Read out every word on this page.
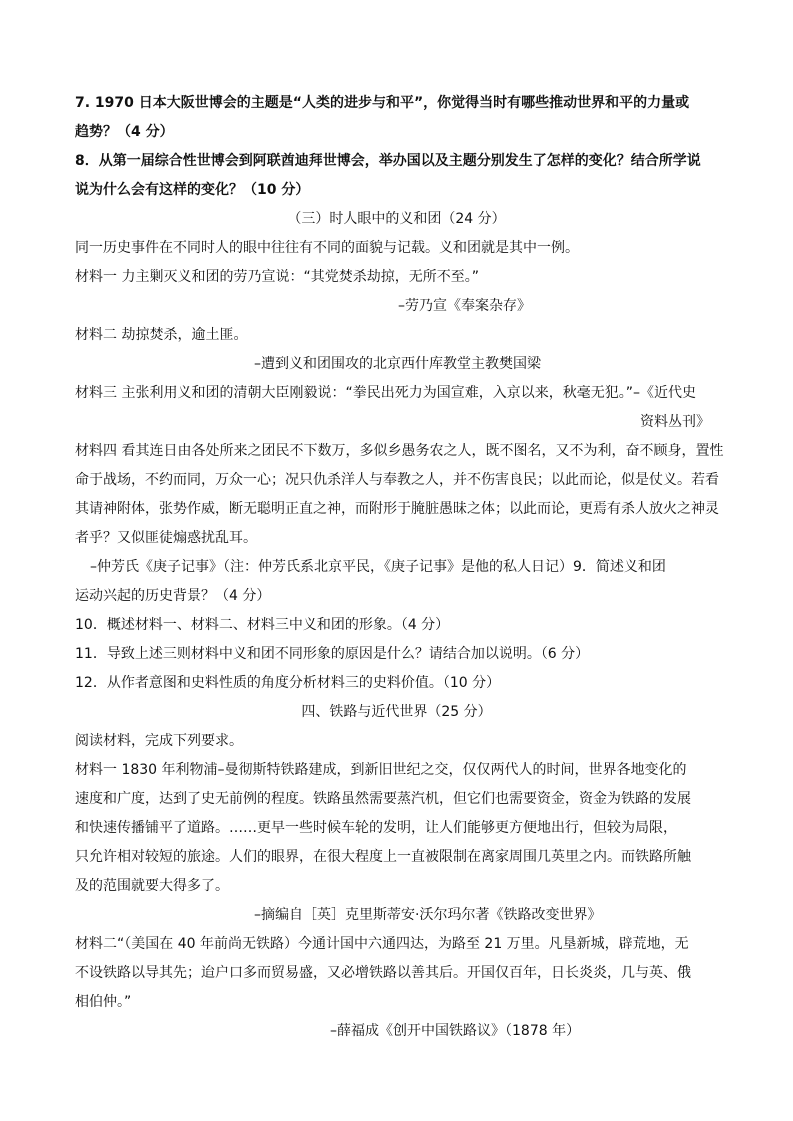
7. 1970 日本大阪世博会的主题是“人类的进步与和平”，你觉得当时有哪些推动世界和平的力量或
趋势？（4 分）
8．从第一届综合性世博会到阿联酋迪拜世博会，举办国以及主题分别发生了怎样的变化？结合所学说
说为什么会有这样的变化？（10 分）
（三）时人眼中的义和团（24 分）
同一历史事件在不同时人的眼中往往有不同的面貌与记载。义和团就是其中一例。
材料一 力主剿灭义和团的劳乃宣说：“其党焚杀劫掠，无所不至。”
–劳乃宣《奉案杂存》
材料二 劫掠焚杀，逾土匪。
–遭到义和团围攻的北京西什库教堂主教樊国梁
材料三 主张利用义和团的清朝大臣刚毅说：“拳民出死力为国宣难，入京以来，秋毫无犯。”–《近代史
资料丛刊》
材料四 看其连日由各处所来之团民不下数万，多似乡愚务农之人，既不图名，又不为利，奋不顾身，置性
命于战场，不约而同，万众一心；况只仇杀洋人与奉教之人，并不伤害良民；以此而论，似是仗义。若看
其请神附体，张势作威，断无聪明正直之神，而附形于腌脏愚昧之体；以此而论，更焉有杀人放火之神灵
者乎？又似匪徒煽惑扰乱耳。
–仲芳氏《庚子记事》（注：仲芳氏系北京平民，《庚子记事》是他的私人日记）9．简述义和团
运动兴起的历史背景？（4 分）
10．概述材料一、材料二、材料三中义和团的形象。（4 分）
11．导致上述三则材料中义和团不同形象的原因是什么？请结合加以说明。（6 分）
12．从作者意图和史料性质的角度分析材料三的史料价值。（10 分）
四、铁路与近代世界（25 分）
阅读材料，完成下列要求。
材料一 1830 年利物浦–曼彻斯特铁路建成，到新旧世纪之交，仅仅两代人的时间，世界各地变化的
速度和广度，达到了史无前例的程度。铁路虽然需要蒸汽机，但它们也需要资金，资金为铁路的发展
和快速传播铺平了道路。……更早一些时候车轮的发明，让人们能够更方便地出行，但较为局限，
只允许相对较短的旅途。人们的眼界，在很大程度上一直被限制在离家周围几英里之内。而铁路所触
及的范围就要大得多了。
–摘编自［英］克里斯蒂安·沃尔玛尔著《铁路改变世界》
材料二“（美国在 40 年前尚无铁路）今通计国中六通四达，为路至 21 万里。凡垦新城，辟荒地，无
不设铁路以导其先；迨户口多而贸易盛，又必增铁路以善其后。开国仅百年，日长炎炎，几与英、俄
相伯仲。”
–薛福成《创开中国铁路议》（1878 年）
